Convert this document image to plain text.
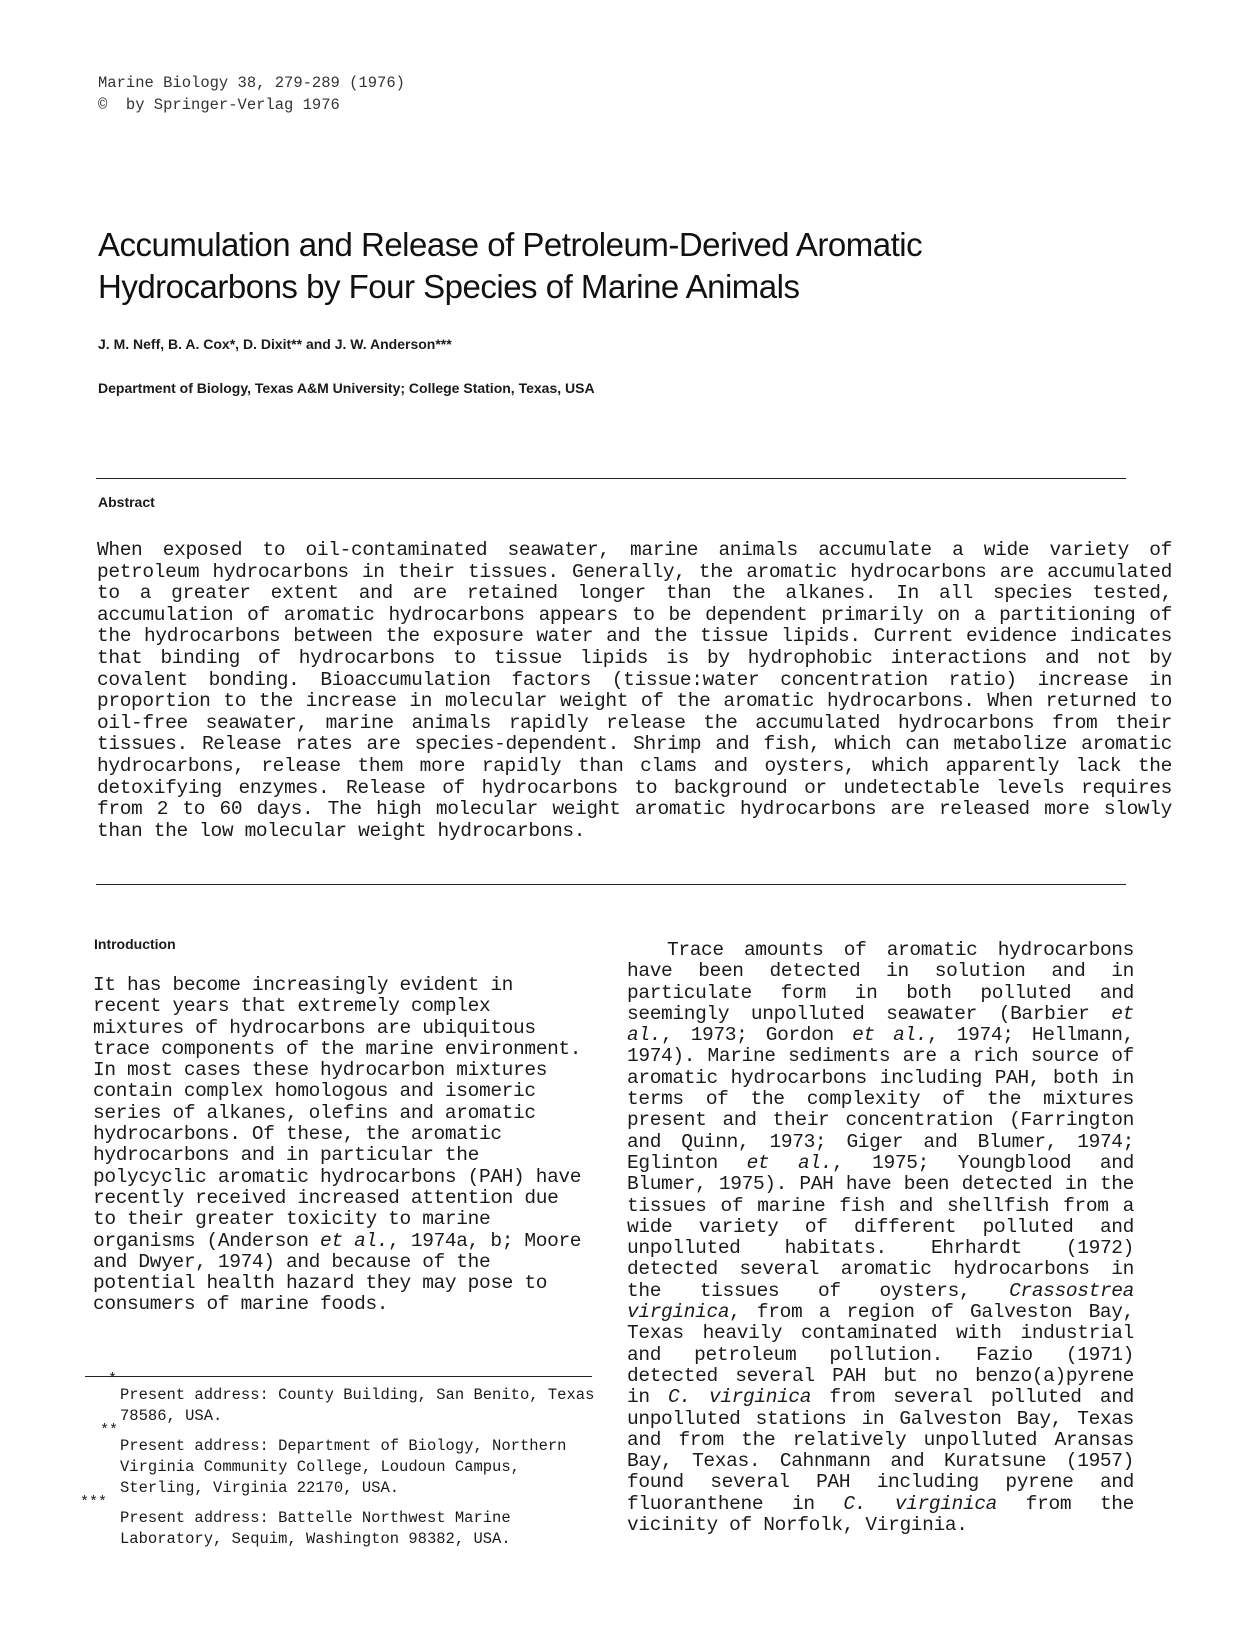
Marine Biology 38, 279-289 (1976)
©  by Springer-Verlag 1976
Accumulation and Release of Petroleum-Derived Aromatic Hydrocarbons by Four Species of Marine Animals
J. M. Neff, B. A. Cox*, D. Dixit** and J. W. Anderson***
Department of Biology, Texas A&M University; College Station, Texas, USA
Abstract

When exposed to oil-contaminated seawater, marine animals accumulate a wide variety of petroleum hydrocarbons in their tissues. Generally, the aromatic hydrocarbons are accumulated to a greater extent and are retained longer than the alkanes. In all species tested, accumulation of aromatic hydrocarbons appears to be dependent primarily on a partitioning of the hydrocarbons between the exposure water and the tissue lipids. Current evidence indicates that binding of hydrocarbons to tissue lipids is by hydrophobic interactions and not by covalent bonding. Bioaccumulation factors (tissue:water concentration ratio) increase in proportion to the increase in molecular weight of the aromatic hydrocarbons. When returned to oil-free seawater, marine animals rapidly release the accumulated hydrocarbons from their tissues. Release rates are species-dependent. Shrimp and fish, which can metabolize aromatic hydrocarbons, release them more rapidly than clams and oysters, which apparently lack the detoxifying enzymes. Release of hydrocarbons to background or undetectable levels requires from 2 to 60 days. The high molecular weight aromatic hydrocarbons are released more slowly than the low molecular weight hydrocarbons.

Introduction

It has become increasingly evident in recent years that extremely complex mixtures of hydrocarbons are ubiquitous trace components of the marine environment. In most cases these hydrocarbon mixtures contain complex homologous and isomeric series of alkanes, olefins and aromatic hydrocarbons. Of these, the aromatic hydrocarbons and in particular the polycyclic aromatic hydrocarbons (PAH) have recently received increased attention due to their greater toxicity to marine organisms (Anderson et al., 1974a, b; Moore and Dwyer, 1974) and because of the potential health hazard they may pose to consumers of marine foods.

Trace amounts of aromatic hydrocarbons have been detected in solution and in particulate form in both polluted and seemingly unpolluted seawater (Barbier et al., 1973; Gordon et al., 1974; Hellmann, 1974). Marine sediments are a rich source of aromatic hydrocarbons including PAH, both in terms of the complexity of the mixtures present and their concentration (Farrington and Quinn, 1973; Giger and Blumer, 1974; Eglinton et al., 1975; Youngblood and Blumer, 1975). PAH have been detected in the tissues of marine fish and shellfish from a wide variety of different polluted and unpolluted habitats. Ehrhardt (1972) detected several aromatic hydrocarbons in the tissues of oysters, Crassostrea virginica, from a region of Galveston Bay, Texas heavily contaminated with industrial and petroleum pollution. Fazio (1971) detected several PAH but no benzo(a)pyrene in C. virginica from several polluted and unpolluted stations in Galveston Bay, Texas and from the relatively unpolluted Aransas Bay, Texas. Cahnmann and Kuratsune (1957) found several PAH including pyrene and fluoranthene in C. virginica from the vicinity of Norfolk, Virginia.

*
Present address: County Building, San Benito, Texas 78586, USA.
**
Present address: Department of Biology, Northern Virginia Community College, Loudoun Campus, Sterling, Virginia 22170, USA.
***
Present address: Battelle Northwest Marine Laboratory, Sequim, Washington 98382, USA.
